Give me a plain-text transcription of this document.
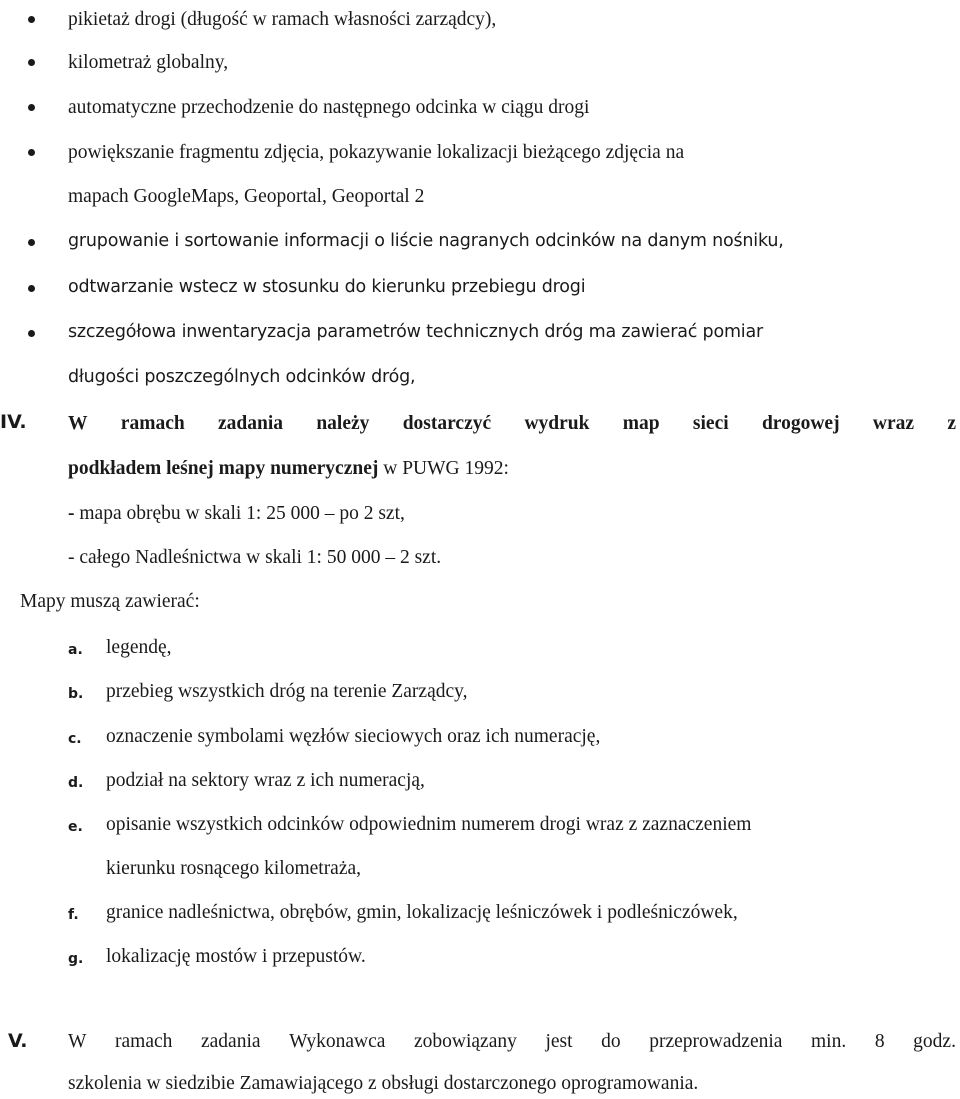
pikietaż drogi (długość w ramach własności zarządcy),
kilometraż globalny,
automatyczne przechodzenie do następnego odcinka w ciągu drogi
powiększanie fragmentu zdjęcia, pokazywanie lokalizacji bieżącego zdjęcia na
mapach GoogleMaps, Geoportal, Geoportal 2
grupowanie i sortowanie informacji o liście nagranych odcinków na danym nośniku,
odtwarzanie wstecz w stosunku do kierunku przebiegu drogi
szczegółowa inwentaryzacja parametrów technicznych dróg ma zawierać pomiar
długości poszczególnych odcinków dróg,
IV. W ramach zadania należy dostarczyć wydruk map sieci drogowej wraz z
podkładem leśnej mapy numerycznej w PUWG 1992:
- mapa obrębu w skali 1: 25 000 – po 2 szt,
- całego Nadleśnictwa w skali 1: 50 000 – 2 szt.
Mapy muszą zawierać:
a. legendę,
b. przebieg wszystkich dróg na terenie Zarządcy,
c. oznaczenie symbolami węzłów sieciowych oraz ich numerację,
d. podział na sektory wraz z ich numeracją,
e. opisanie wszystkich odcinków odpowiednim numerem drogi wraz z zaznaczeniem
kierunku rosnącego kilometraża,
f. granice nadleśnictwa, obrębów, gmin, lokalizację leśniczówek i podleśniczówek,
g. lokalizację mostów i przepustów.
V. W ramach zadania Wykonawca zobowiązany jest do przeprowadzenia min. 8 godz.
szkolenia w siedzibie Zamawiającego z obsługi dostarczonego oprogramowania.
